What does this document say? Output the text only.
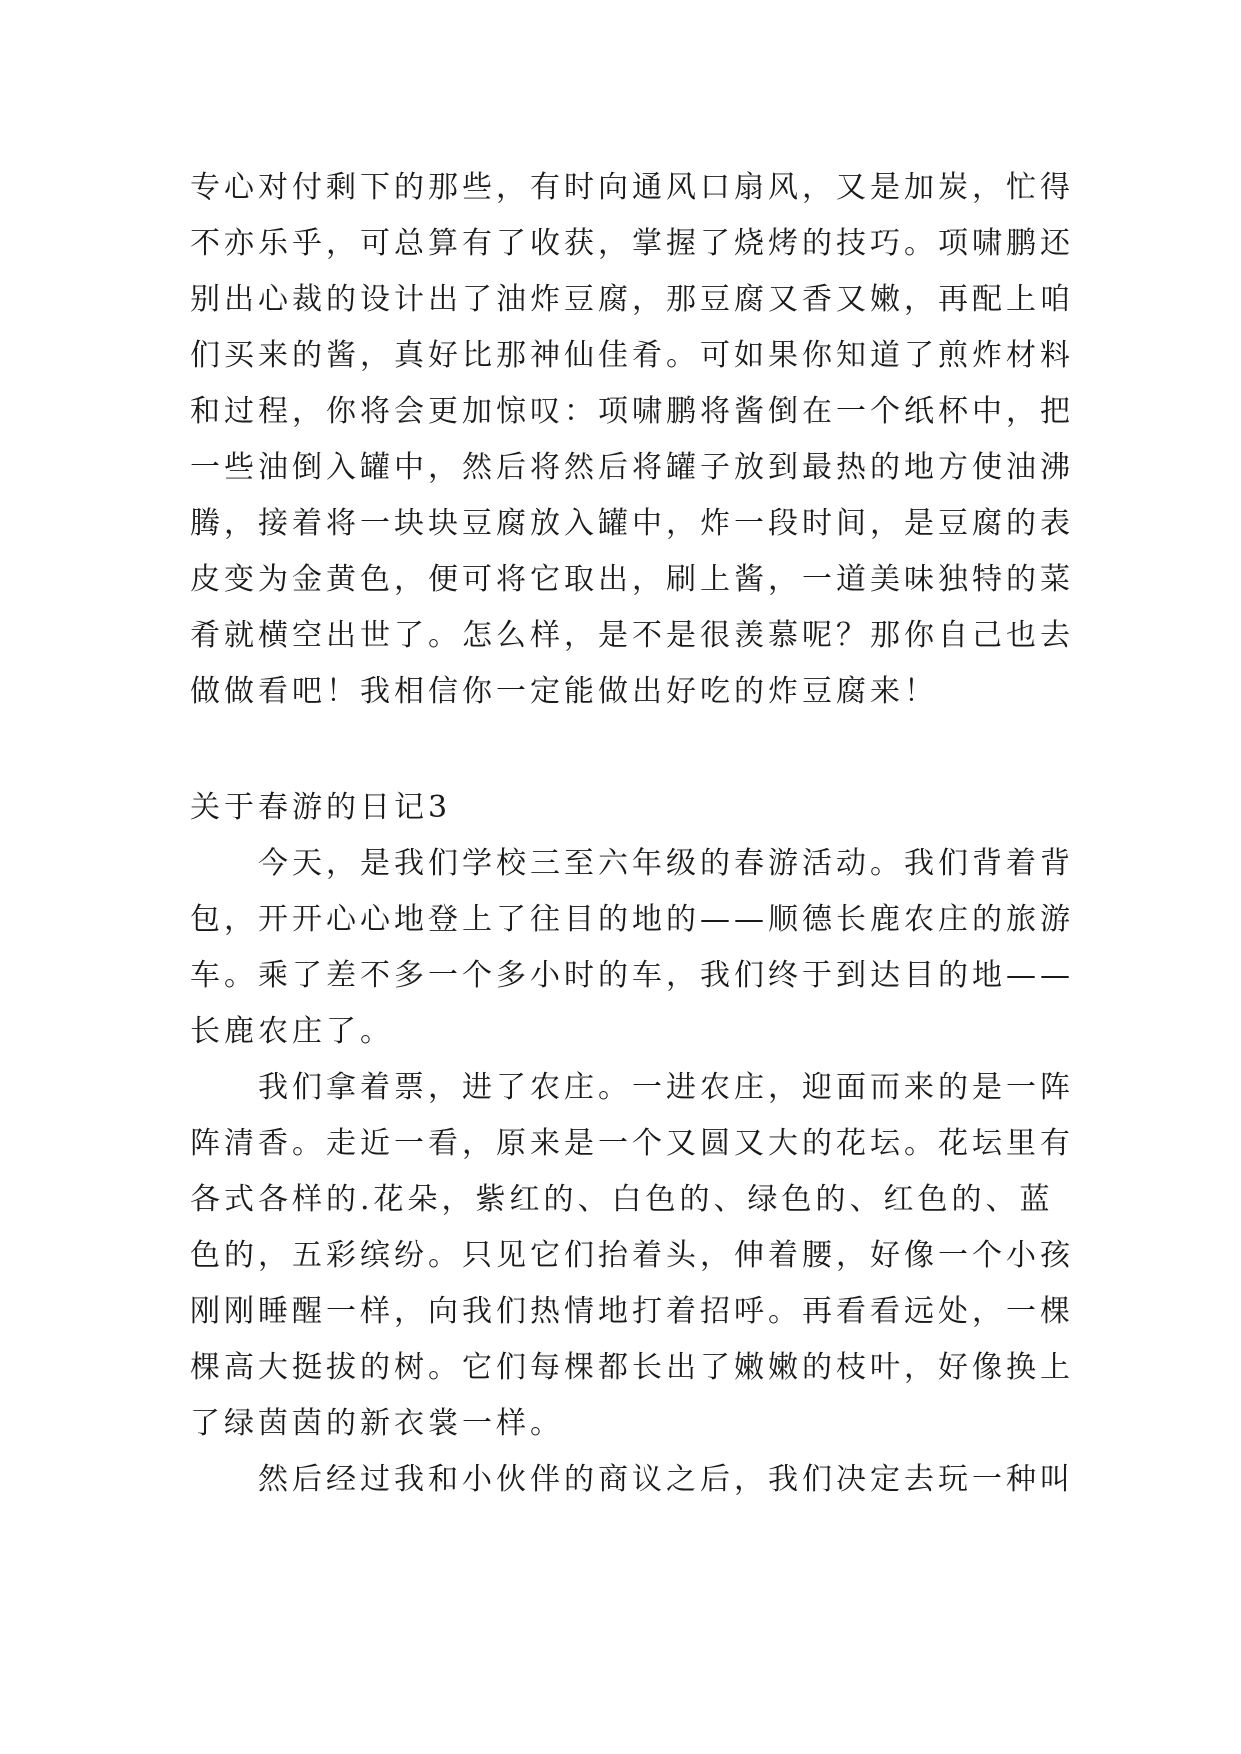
专心对付剩下的那些，有时向通风口扇风，又是加炭，忙得
不亦乐乎，可总算有了收获，掌握了烧烤的技巧。项啸鹏还
别出心裁的设计出了油炸豆腐，那豆腐又香又嫩，再配上咱
们买来的酱，真好比那神仙佳肴。可如果你知道了煎炸材料
和过程，你将会更加惊叹：项啸鹏将酱倒在一个纸杯中，把
一些油倒入罐中，然后将然后将罐子放到最热的地方使油沸
腾，接着将一块块豆腐放入罐中，炸一段时间，是豆腐的表
皮变为金黄色，便可将它取出，刷上酱，一道美味独特的菜
肴就横空出世了。怎么样，是不是很羡慕呢？那你自己也去
做做看吧！我相信你一定能做出好吃的炸豆腐来！
关于春游的日记3
今天，是我们学校三至六年级的春游活动。我们背着背
包，开开心心地登上了往目的地的——顺德长鹿农庄的旅游
车。乘了差不多一个多小时的车，我们终于到达目的地——
长鹿农庄了。
我们拿着票，进了农庄。一进农庄，迎面而来的是一阵
阵清香。走近一看，原来是一个又圆又大的花坛。花坛里有
各式各样的.花朵，紫红的、白色的、绿色的、红色的、蓝
色的，五彩缤纷。只见它们抬着头，伸着腰，好像一个小孩
刚刚睡醒一样，向我们热情地打着招呼。再看看远处，一棵
棵高大挺拔的树。它们每棵都长出了嫩嫩的枝叶，好像换上
了绿茵茵的新衣裳一样。
然后经过我和小伙伴的商议之后，我们决定去玩一种叫
